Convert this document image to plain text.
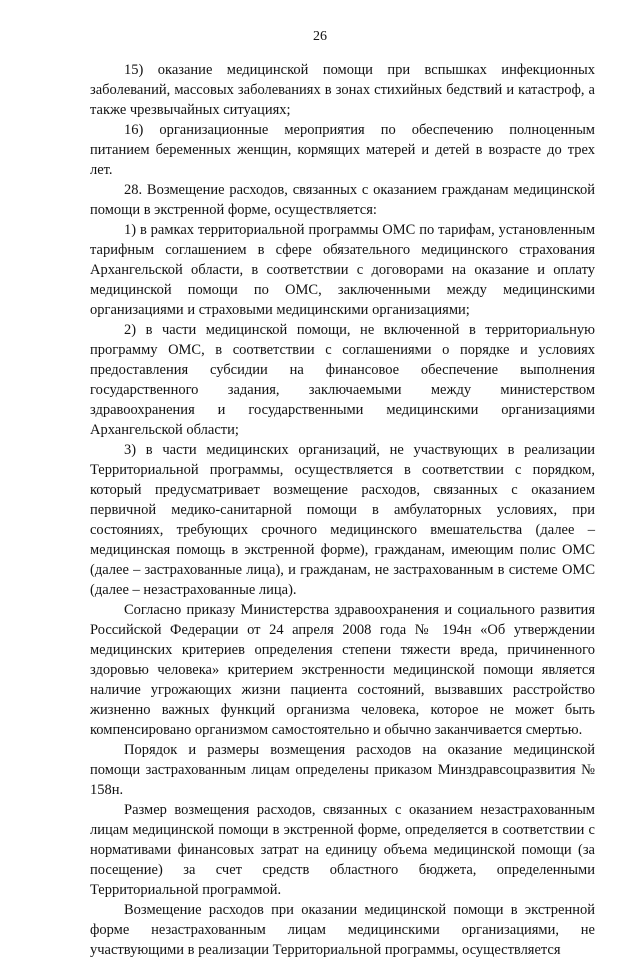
26

15) оказание медицинской помощи при вспышках инфекционных заболеваний, массовых заболеваниях в зонах стихийных бедствий и катастроф, а также чрезвычайных ситуациях;

16) организационные мероприятия по обеспечению полноценным питанием беременных женщин, кормящих матерей и детей в возрасте до трех лет.

28. Возмещение расходов, связанных с оказанием гражданам медицинской помощи в экстренной форме, осуществляется:

1) в рамках территориальной программы ОМС по тарифам, установленным тарифным соглашением в сфере обязательного медицинского страхования Архангельской области, в соответствии с договорами на оказание и оплату медицинской помощи по ОМС, заключенными между медицинскими организациями и страховыми медицинскими организациями;

2) в части медицинской помощи, не включенной в территориальную программу ОМС, в соответствии с соглашениями о порядке и условиях предоставления субсидии на финансовое обеспечение выполнения государственного задания, заключаемыми между министерством здравоохранения и государственными медицинскими организациями Архангельской области;

3) в части медицинских организаций, не участвующих в реализации Территориальной программы, осуществляется в соответствии с порядком, который предусматривает возмещение расходов, связанных с оказанием первичной медико-санитарной помощи в амбулаторных условиях, при состояниях, требующих срочного медицинского вмешательства (далее – медицинская помощь в экстренной форме), гражданам, имеющим полис ОМС (далее – застрахованные лица), и гражданам, не застрахованным в системе ОМС (далее – незастрахованные лица).

Согласно приказу Министерства здравоохранения и социального развития Российской Федерации от 24 апреля 2008 года № 194н «Об утверждении медицинских критериев определения степени тяжести вреда, причиненного здоровью человека» критерием экстренности медицинской помощи является наличие угрожающих жизни пациента состояний, вызвавших расстройство жизненно важных функций организма человека, которое не может быть компенсировано организмом самостоятельно и обычно заканчивается смертью.

Порядок и размеры возмещения расходов на оказание медицинской помощи застрахованным лицам определены приказом Минздравсоцразвития № 158н.

Размер возмещения расходов, связанных с оказанием незастрахованным лицам медицинской помощи в экстренной форме, определяется в соответствии с нормативами финансовых затрат на единицу объема медицинской помощи (за посещение) за счет средств областного бюджета, определенными Территориальной программой.

Возмещение расходов при оказании медицинской помощи в экстренной форме незастрахованным лицам медицинскими организациями, не участвующими в реализации Территориальной программы, осуществляется
